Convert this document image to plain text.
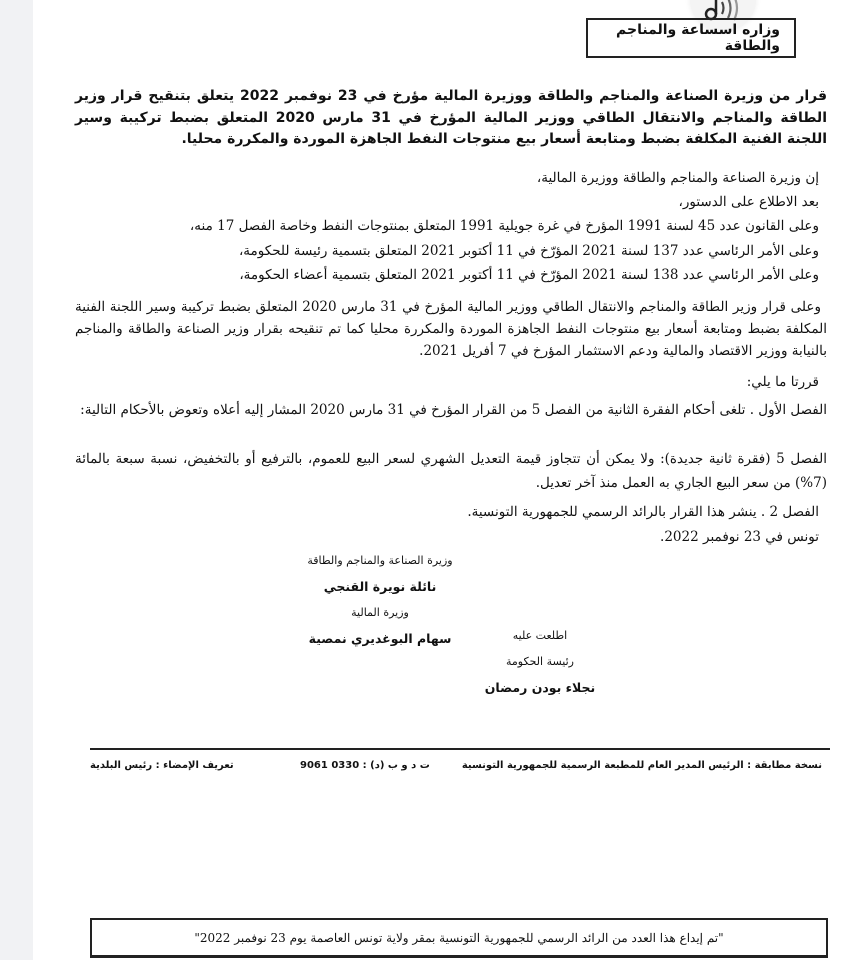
وزاره اسساعة والمناجم والطاقة
قرار من وزيرة الصناعة والمناجم والطاقة ووزيرة المالية مؤرخ في 23 نوفمبر 2022 يتعلق بتنقيح قرار وزير الطاقة والمناجم والانتقال الطاقي ووزير المالية المؤرخ في 31 مارس 2020 المتعلق بضبط تركيبة وسير اللجنة الفنية المكلفة بضبط ومتابعة أسعار بيع منتوجات النفط الجاهزة الموردة والمكررة محليا.
إن وزيرة الصناعة والمناجم والطاقة ووزيرة المالية،
بعد الاطلاع على الدستور،
وعلى القانون عدد 45 لسنة 1991 المؤرخ في غرة جويلية 1991 المتعلق بمنتوجات النفط وخاصة الفصل 17 منه،
وعلى الأمر الرئاسي عدد 137 لسنة 2021 المؤرّخ في 11 أكتوبر 2021 المتعلق بتسمية رئيسة للحكومة،
وعلى الأمر الرئاسي عدد 138 لسنة 2021 المؤرّخ في 11 أكتوبر 2021 المتعلق بتسمية أعضاء الحكومة،
وعلى قرار وزير الطاقة والمناجم والانتقال الطاقي ووزير المالية المؤرخ في 31 مارس 2020 المتعلق بضبط تركيبة وسير اللجنة الفنية المكلفة بضبط ومتابعة أسعار بيع منتوجات النفط الجاهزة الموردة والمكررة محليا كما تم تنقيحه بقرار وزير الصناعة والطاقة والمناجم بالنيابة ووزير الاقتصاد والمالية ودعم الاستثمار المؤرخ في 7 أفريل 2021.
قررتا ما يلي:
الفصل الأول . تلغى أحكام الفقرة الثانية من الفصل 5 من القرار المؤرخ في 31 مارس 2020 المشار إليه أعلاه وتعوض بالأحكام التالية:
الفصل 5 (فقرة ثانية جديدة): ولا يمكن أن تتجاوز قيمة التعديل الشهري لسعر البيع للعموم، بالترفيع أو بالتخفيض، نسبة سبعة بالمائة (7%) من سعر البيع الجاري به العمل منذ آخر تعديل.
الفصل 2 . ينشر هذا القرار بالرائد الرسمي للجمهورية التونسية.
تونس في 23 نوفمبر 2022.
وزيرة الصناعة والمناجم والطاقة
نائلة نويرة القنجي
وزيرة المالية
سهام البوغديري نمصية	اطلعت عليه
رئيسة الحكومة
نجلاء بودن رمضان
نسخة مطابقة : الرئيس المدير العام للمطبعة الرسمية للجمهورية التونسية
ت د و ب (د) : 0330 9061
تعريف الإمضاء : رئيس البلدية
"تم إيداع هذا العدد من الرائد الرسمي للجمهورية التونسية بمقر ولاية تونس العاصمة يوم 23 نوفمبر 2022"
